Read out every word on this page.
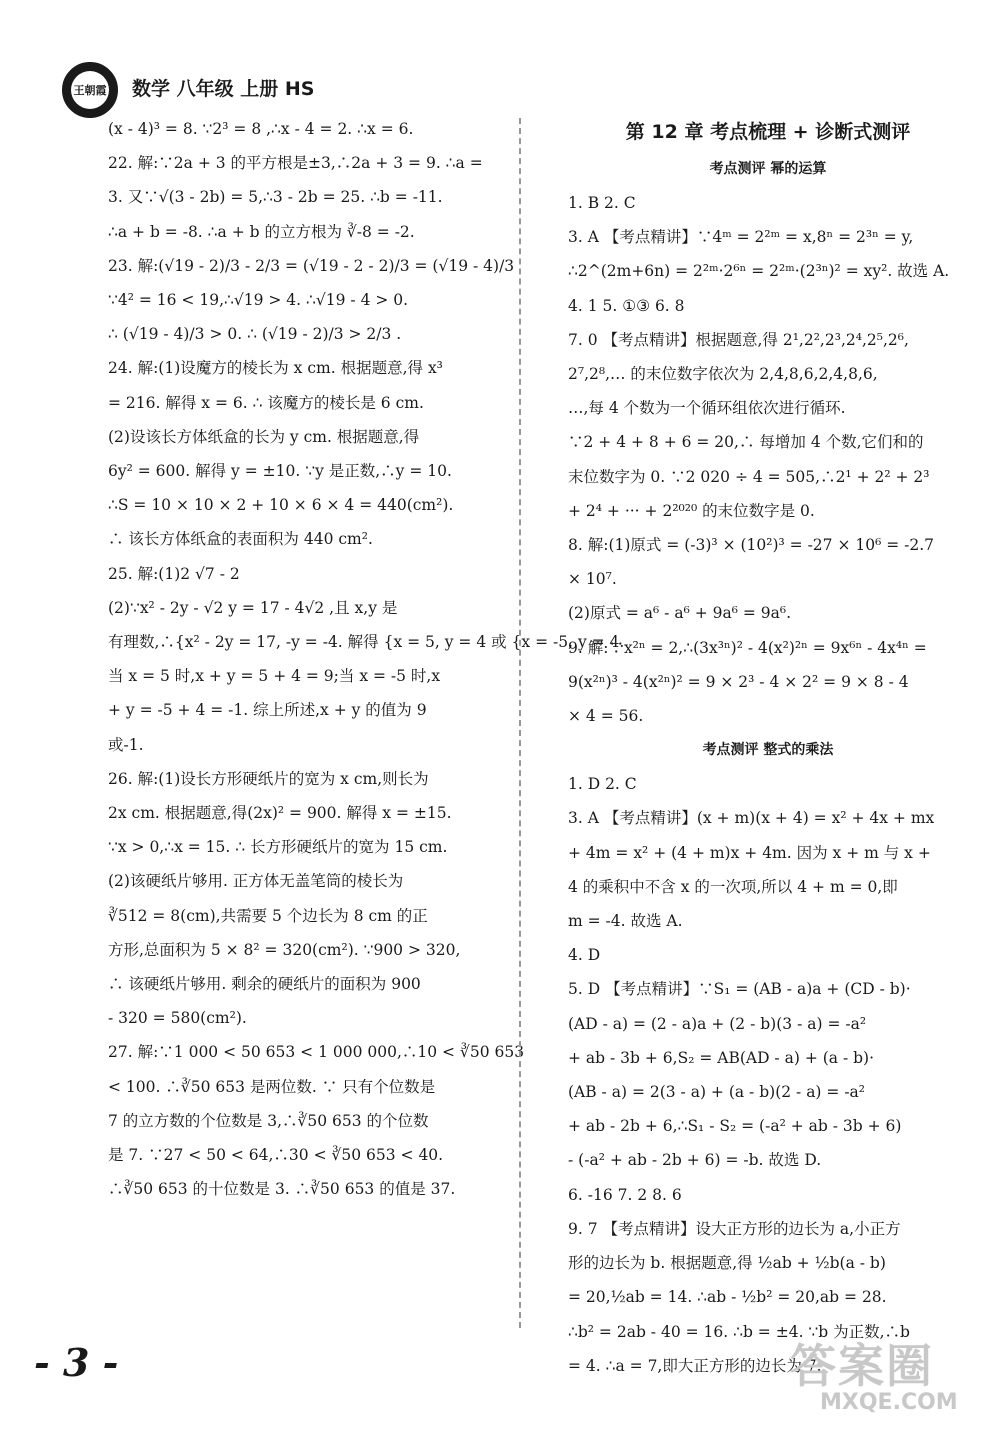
王朝霞 数学 八年级 上册 HS
(x - 4)³ = 8. ∵2³ = 8 ,∴x - 4 = 2. ∴x = 6.
22. 解:∵2a + 3 的平方根是±3,∴2a + 3 = 9. ∴a =
3. 又∵√(3 - 2b) = 5,∴3 - 2b = 25. ∴b = -11.
∴a + b = -8. ∴a + b 的立方根为 ∛-8 = -2.
23. 解:(√19 - 2)/3 - 2/3 = (√19 - 2 - 2)/3 = (√19 - 4)/3
∵4² = 16 < 19,∴√19 > 4. ∴√19 - 4 > 0.
∴ (√19 - 4)/3 > 0. ∴ (√19 - 2)/3 > 2/3 .
24. 解:(1)设魔方的棱长为 x cm. 根据题意,得 x³
= 216. 解得 x = 6. ∴ 该魔方的棱长是 6 cm.
(2)设该长方体纸盒的长为 y cm. 根据题意,得
6y² = 600. 解得 y = ±10. ∵y 是正数,∴y = 10.
∴S = 10 × 10 × 2 + 10 × 6 × 4 = 440(cm²).
∴ 该长方体纸盒的表面积为 440 cm².
25. 解:(1)2 √7 - 2
(2)∵x² - 2y - √2 y = 17 - 4√2 ,且 x,y 是
有理数,∴{x² - 2y = 17, -y = -4. 解得 {x = 5, y = 4 或 {x = -5, y = 4.
当 x = 5 时,x + y = 5 + 4 = 9;当 x = -5 时,x
+ y = -5 + 4 = -1. 综上所述,x + y 的值为 9
或-1.
26. 解:(1)设长方形硬纸片的宽为 x cm,则长为
2x cm. 根据题意,得(2x)² = 900. 解得 x = ±15.
∵x > 0,∴x = 15. ∴ 长方形硬纸片的宽为 15 cm.
(2)该硬纸片够用. 正方体无盖笔筒的棱长为
∛512 = 8(cm),共需要 5 个边长为 8 cm 的正
方形,总面积为 5 × 8² = 320(cm²). ∵900 > 320,
∴ 该硬纸片够用. 剩余的硬纸片的面积为 900
- 320 = 580(cm²).
27. 解:∵1 000 < 50 653 < 1 000 000,∴10 < ∛50 653
< 100. ∴∛50 653 是两位数. ∵ 只有个位数是
7 的立方数的个位数是 3,∴∛50 653 的个位数
是 7. ∵27 < 50 < 64,∴30 < ∛50 653 < 40.
∴∛50 653 的十位数是 3. ∴∛50 653 的值是 37.
第 12 章 考点梳理 + 诊断式测评
考点测评 幂的运算
1. B 2. C
3. A 【考点精讲】∵4ᵐ = 2²ᵐ = x,8ⁿ = 2³ⁿ = y,
∴2^(2m+6n) = 2²ᵐ·2⁶ⁿ = 2²ᵐ·(2³ⁿ)² = xy². 故选 A.
4. 1 5. ①③ 6. 8
7. 0 【考点精讲】根据题意,得 2¹,2²,2³,2⁴,2⁵,2⁶,
2⁷,2⁸,… 的末位数字依次为 2,4,8,6,2,4,8,6,
…,每 4 个数为一个循环组依次进行循环.
∵2 + 4 + 8 + 6 = 20,∴ 每增加 4 个数,它们和的
末位数字为 0. ∵2 020 ÷ 4 = 505,∴2¹ + 2² + 2³
+ 2⁴ + ··· + 2²⁰²⁰ 的末位数字是 0.
8. 解:(1)原式 = (-3)³ × (10²)³ = -27 × 10⁶ = -2.7
× 10⁷.
(2)原式 = a⁶ - a⁶ + 9a⁶ = 9a⁶.
9. 解:∵x²ⁿ = 2,∴(3x³ⁿ)² - 4(x²)²ⁿ = 9x⁶ⁿ - 4x⁴ⁿ =
9(x²ⁿ)³ - 4(x²ⁿ)² = 9 × 2³ - 4 × 2² = 9 × 8 - 4
× 4 = 56.
考点测评 整式的乘法
1. D 2. C
3. A 【考点精讲】(x + m)(x + 4) = x² + 4x + mx
+ 4m = x² + (4 + m)x + 4m. 因为 x + m 与 x +
4 的乘积中不含 x 的一次项,所以 4 + m = 0,即
m = -4. 故选 A.
4. D
5. D 【考点精讲】∵S₁ = (AB - a)a + (CD - b)·
(AD - a) = (2 - a)a + (2 - b)(3 - a) = -a²
+ ab - 3b + 6,S₂ = AB(AD - a) + (a - b)·
(AB - a) = 2(3 - a) + (a - b)(2 - a) = -a²
+ ab - 2b + 6,∴S₁ - S₂ = (-a² + ab - 3b + 6)
- (-a² + ab - 2b + 6) = -b. 故选 D.
6. -16 7. 2 8. 6
9. 7 【考点精讲】设大正方形的边长为 a,小正方
形的边长为 b. 根据题意,得 ½ab + ½b(a - b)
= 20,½ab = 14. ∴ab - ½b² = 20,ab = 28.
∴b² = 2ab - 40 = 16. ∴b = ±4. ∵b 为正数,∴b
= 4. ∴a = 7,即大正方形的边长为 7.
- 3 -	答案圈
MXQE.COM
